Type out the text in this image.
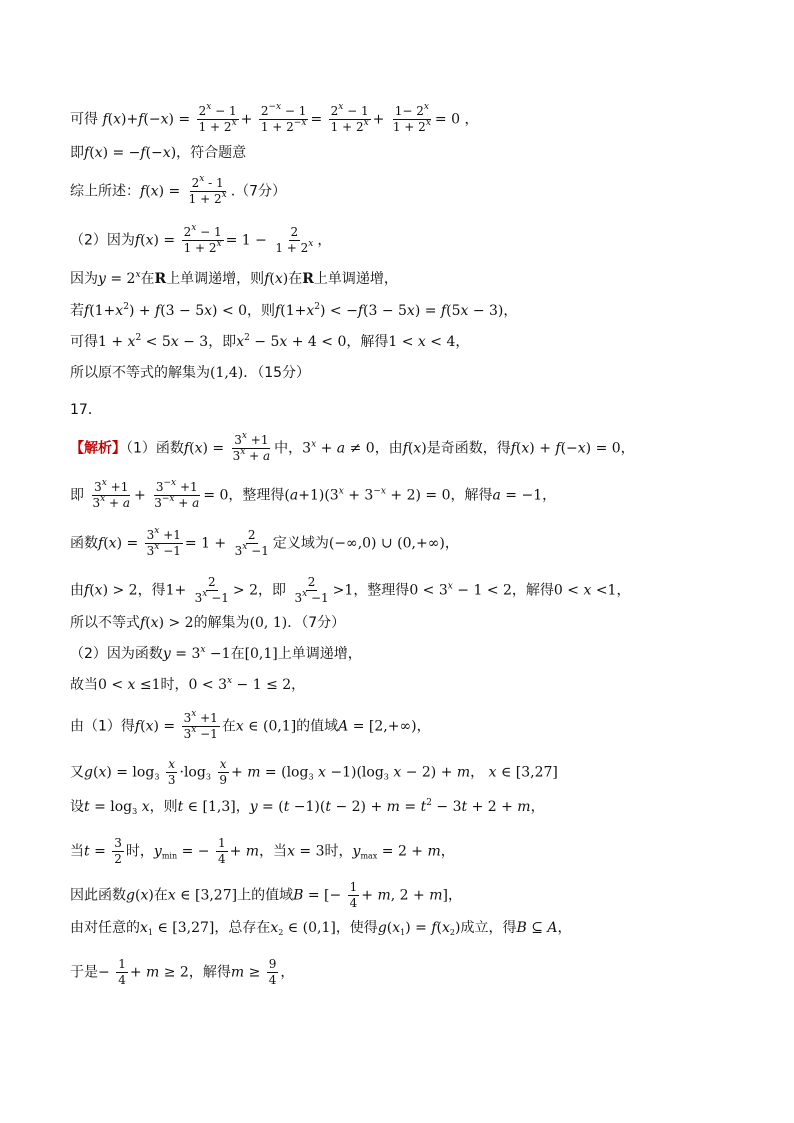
可得 $f(x)+f(-x) = \frac{2^x - 1}{1 + 2^x} + \frac{2^{-x} - 1}{1 + 2^{-x}} = \frac{2^x - 1}{1 + 2^x} + \frac{1- 2^x}{1 + 2^x} = 0$ ，
即f(x) = −f(−x)，符合题意
综上所述：$f(x) = \frac{2^x - 1}{1 + 2^x} .(7$分）
（2）因为$f(x) = \frac{2^x - 1}{1 + 2^x} = 1 - \frac{2}{1 + 2^x}$ ，
因为$y = 2^x$在R上单调递增，则f(x)在R上单调递增，
若$f(1+x^2) + f(3 - 5x) < 0$，则$f(1+x^2) < -f(3 - 5x) = f(5x - 3)$，
可得$1 + x^2 < 5x - 3$，即$x^2 - 5x + 4 < 0$，解得1 < x < 4，
所以原不等式的解集为(1,4)．（15分）
17．
【解析】（1）函数$f(x) = \frac{3^x +1}{3^x + a}$ 中，$3^x + a \ne 0$，由f(x)是奇函数，得f(x) + f(−x) = 0，
即 $\frac{3^x +1}{3^x + a} + \frac{3^{-x} +1}{3^{-x} + a} = 0$，整理得$(a+1)(3^x + 3^{-x} + 2) = 0$，解得a = −1，
函数$f(x) = \frac{3^x +1}{3^x -1} = 1 + \frac{2}{3^x -1}$ 定义域为(−∞,0) ∪ (0,+∞)，
由f(x) > 2，得$1+ \frac{2}{3^x -1} > 2$，即 $\frac{2}{3^x -1} >1$，整理得$0 < 3^x - 1 < 2$，解得0 < x <1，
所以不等式f(x) > 2的解集为(0, 1)．（7分）
（2）因为函数$y = 3^x -1$在[0,1]上单调递增，
故当0 < x ≤1时，$0 < 3^x - 1 \le 2$，
由（1）得$f(x) = \frac{3^x +1}{3^x -1}$ 在x ∈ (0,1]的值域A = [2,+∞)，
又$g(x) = \log_3 \frac{x}{3} \cdot\log_3 \frac{x}{9} + m = (\log_3$ $x -1)(\log_3$ x − 2) + m， x ∈ [3,27]
设$t = \log_3 x$，则t ∈ [1,3]，$y = (t -1)(t - 2) + m = t^2 - 3t + 2 + m$，
当$t = \frac{3}{2}$ 时，$y_{min}$ = − $\frac{1}{4} + m$，当x = 3时，$y_{max} = 2 + m$，
因此函数g(x)在x ∈ [3,27]上的值域B = [− $\frac{1}{4} + m$, 2 + m]，
由对任意的$x_1$ ∈ [3,27]，总存在$x_2$ ∈ (0,1]，使得$g(x_1) = f(x_2)$成立，得B ⊆ A，
于是− $\frac{1}{4} + m \ge 2$，解得$m \ge \frac{9}{4}$ ，
